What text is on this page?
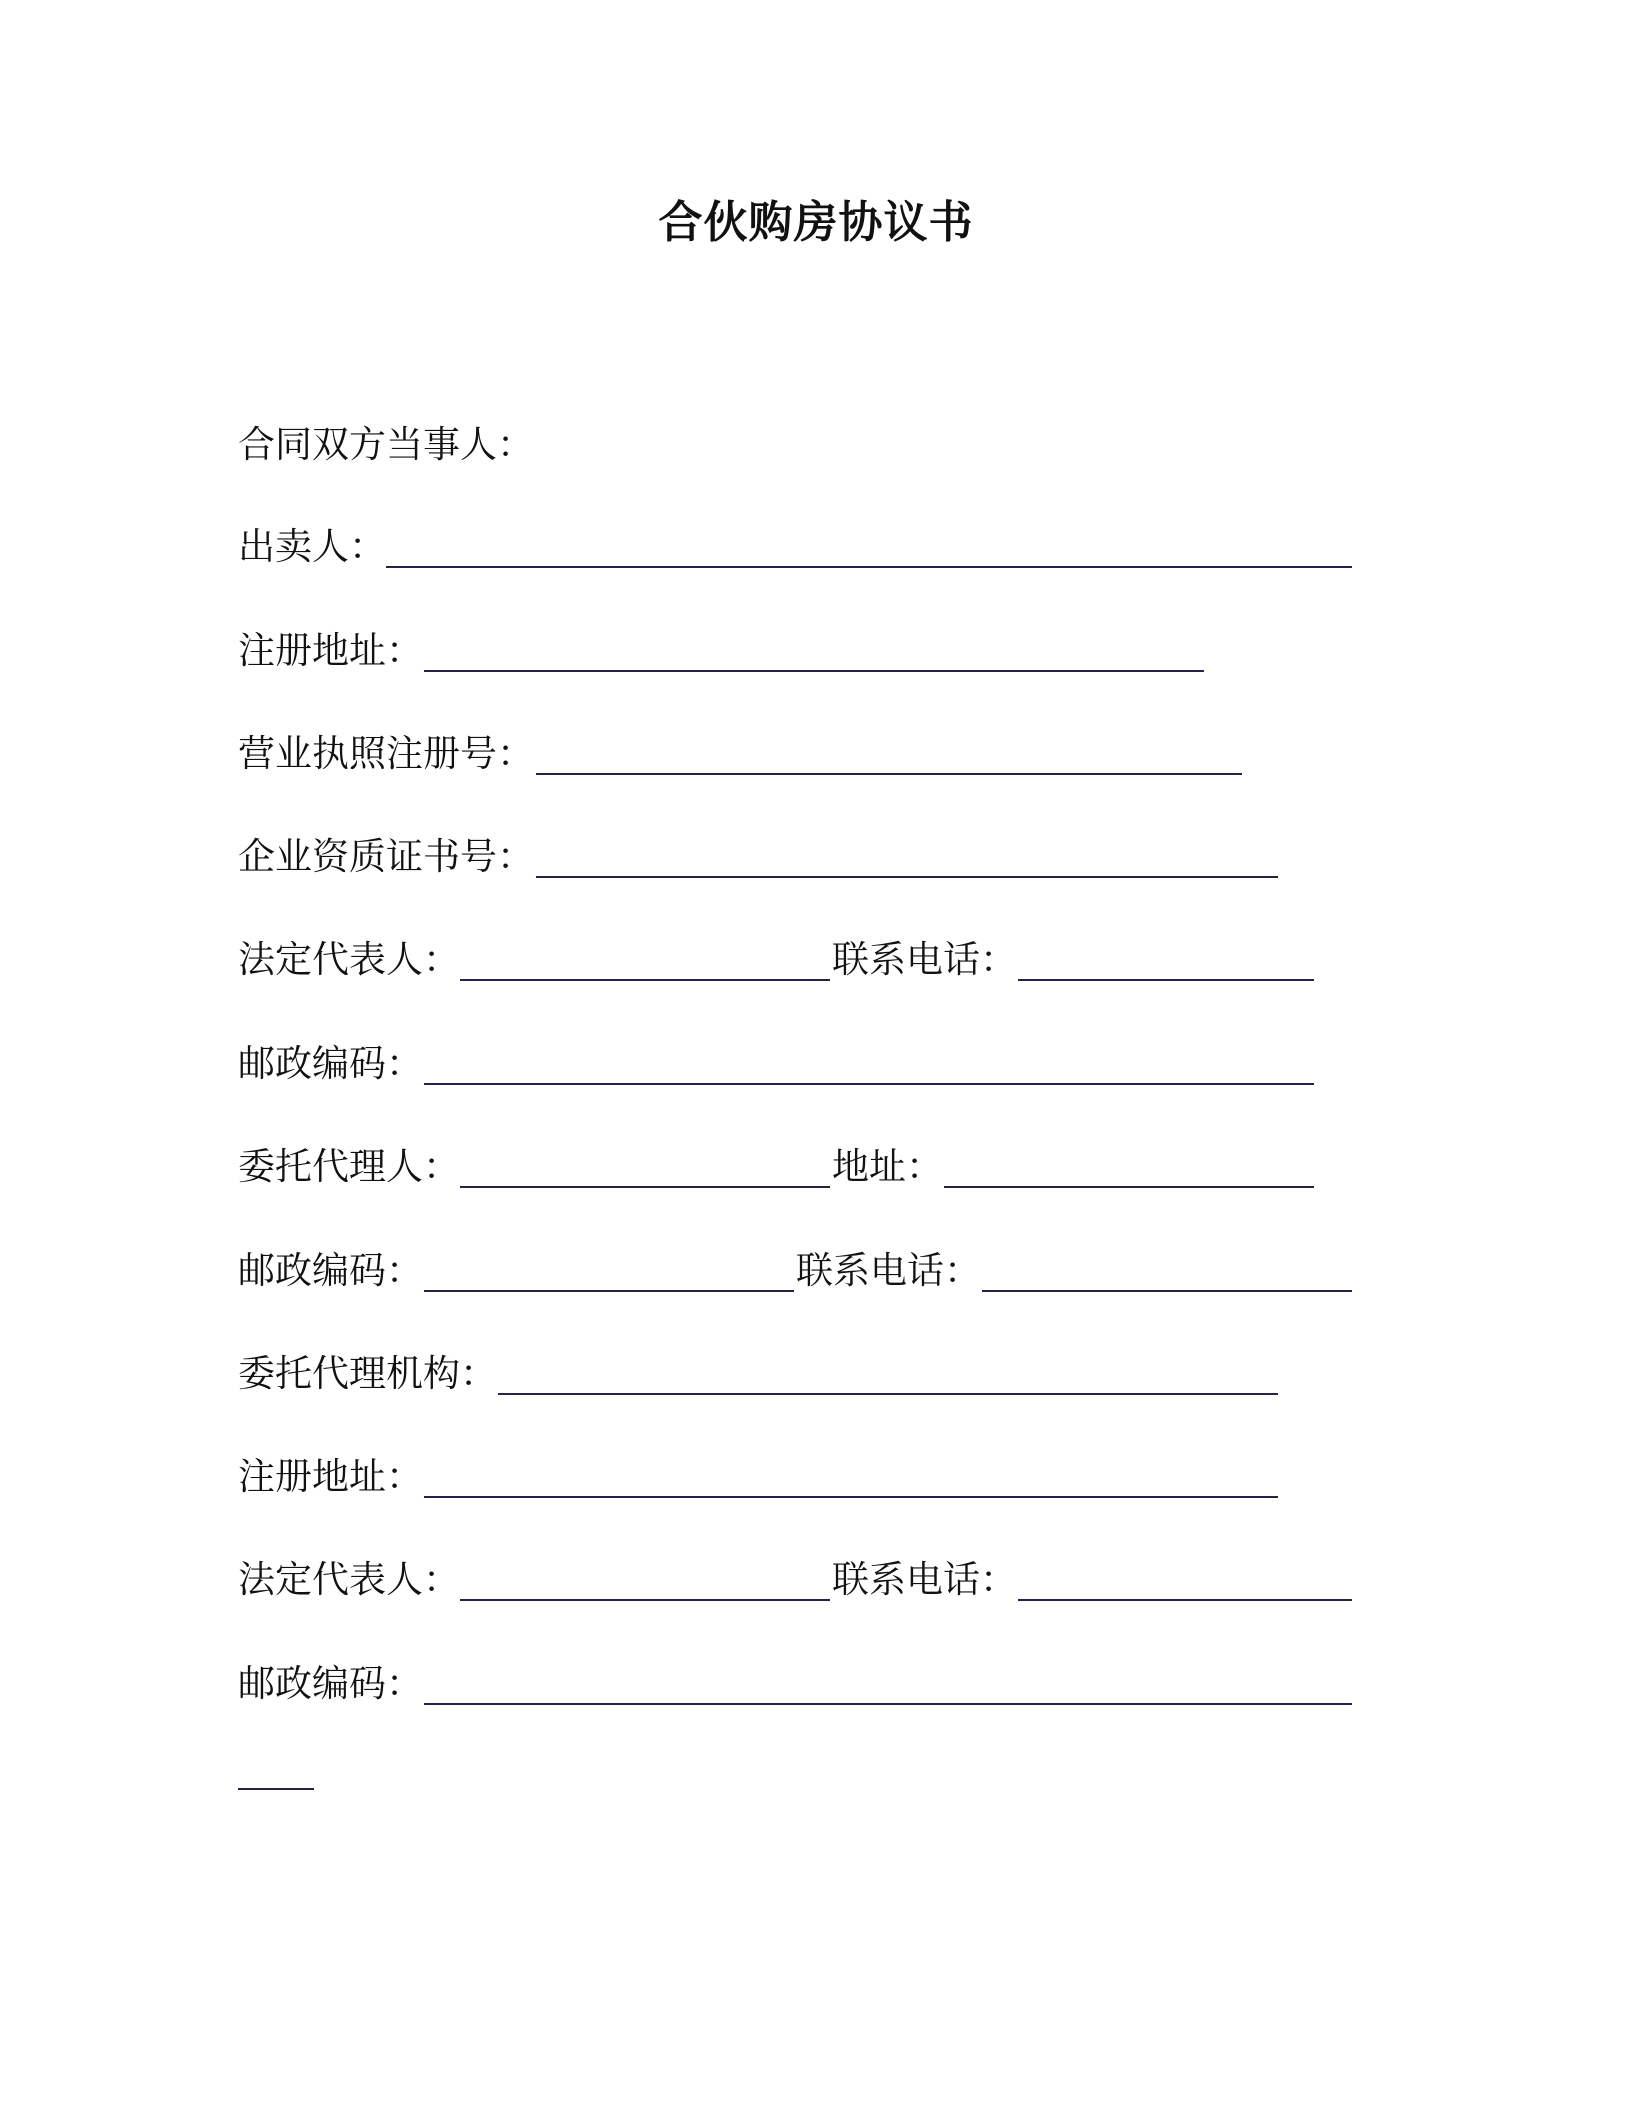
合伙购房协议书
合同双方当事人：
出卖人：
注册地址：
营业执照注册号：
企业资质证书号：
法定代表人：	联系电话：
邮政编码：
委托代理人：	地址：
邮政编码：	联系电话：
委托代理机构：
注册地址：
法定代表人：	联系电话：
邮政编码：
